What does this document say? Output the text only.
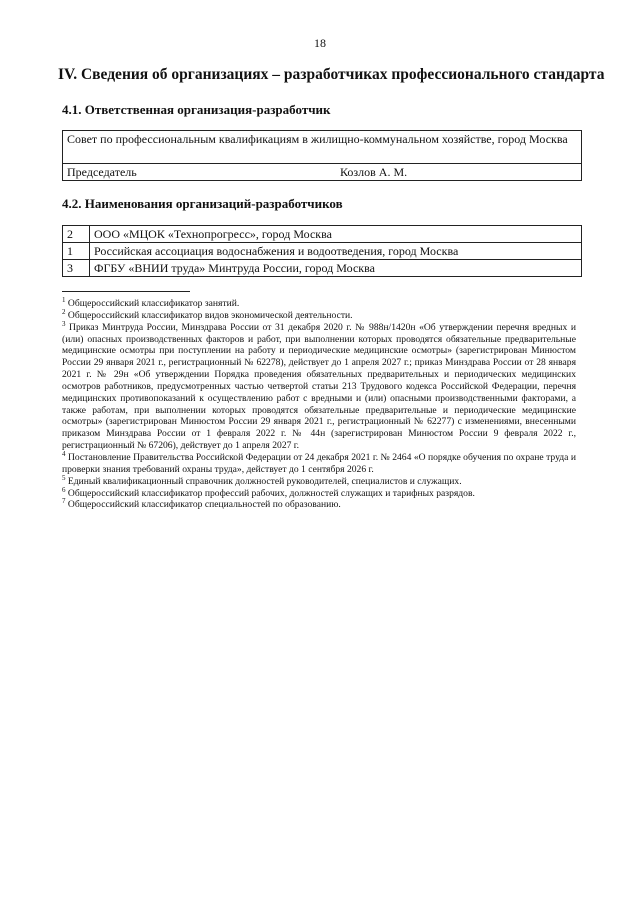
18
IV. Сведения об организациях – разработчиках профессионального стандарта
4.1. Ответственная организация-разработчик
Совет по профессиональным квалификациям в жилищно-коммунальном хозяйстве, город Москва
Председатель	Козлов А. М.
4.2. Наименования организаций-разработчиков
2	ООО «МЦОК «Технопрогресс», город Москва
1	Российская ассоциация водоснабжения и водоотведения, город Москва
3	ФГБУ «ВНИИ труда» Минтруда России, город Москва

$^1$ Общероссийский классификатор занятий.

$^2$ Общероссийский классификатор видов экономической деятельности.

$^3$ Приказ Минтруда России, Минздрава России от 31 декабря 2020 г. № 988н/1420н «Об утверждении перечня вредных и (или) опасных производственных факторов и работ, при выполнении которых проводятся обязательные предварительные медицинские осмотры при поступлении на работу и периодические медицинские осмотры» (зарегистрирован Минюстом России 29 января 2021 г., регистрационный № 62278), действует до 1 апреля 2027 г.; приказ Минздрава России от 28 января 2021 г. № 29н «Об утверждении Порядка проведения обязательных предварительных и периодических медицинских осмотров работников, предусмотренных частью четвертой статьи 213 Трудового кодекса Российской Федерации, перечня медицинских противопоказаний к осуществлению работ с вредными и (или) опасными производственными факторами, а также работам, при выполнении которых проводятся обязательные предварительные и периодические медицинские осмотры» (зарегистрирован Минюстом России 29 января 2021 г., регистрационный № 62277) с изменениями, внесенными приказом Минздрава России от 1 февраля 2022 г. № 44н (зарегистрирован Минюстом России 9 февраля 2022 г., регистрационный № 67206), действует до 1 апреля 2027 г.

$^4$ Постановление Правительства Российской Федерации от 24 декабря 2021 г. № 2464 «О порядке обучения по охране труда и проверки знания требований охраны труда», действует до 1 сентября 2026 г.

$^5$ Единый квалификационный справочник должностей руководителей, специалистов и служащих.

$^6$ Общероссийский классификатор профессий рабочих, должностей служащих и тарифных разрядов.

$^7$ Общероссийский классификатор специальностей по образованию.
